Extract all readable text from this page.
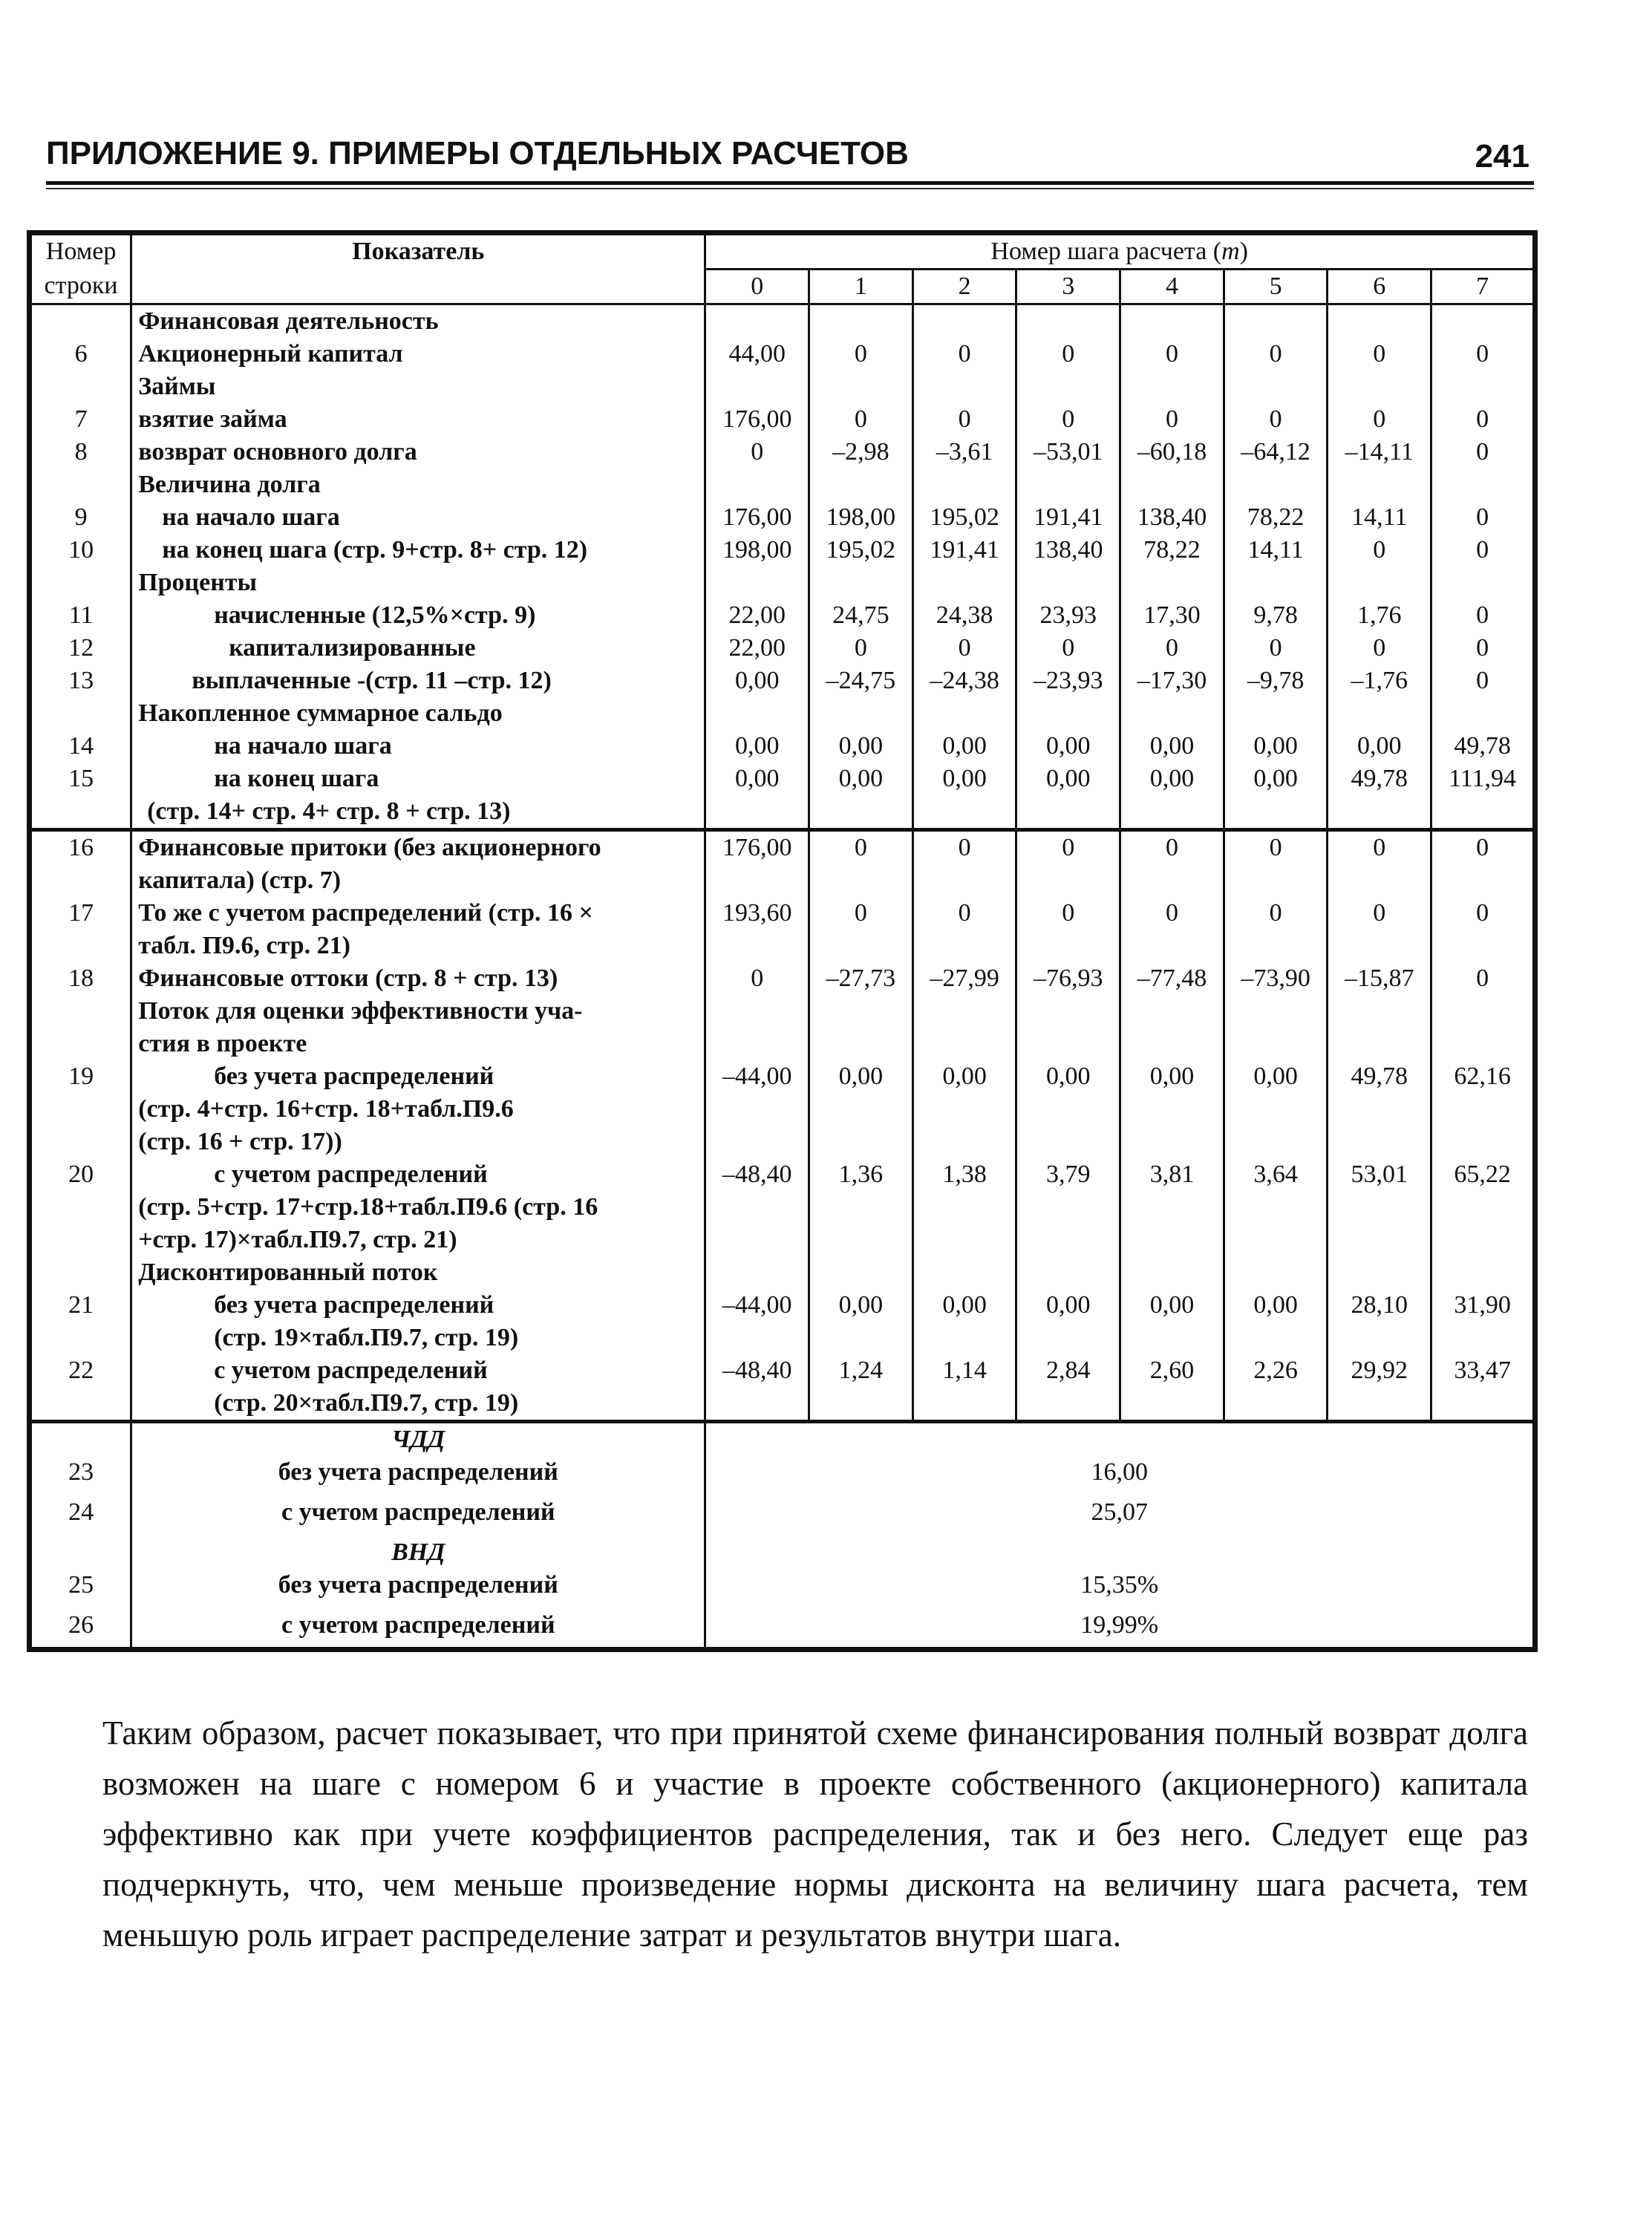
ПРИЛОЖЕНИЕ 9. ПРИМЕРЫ ОТДЕЛЬНЫХ РАСЧЕТОВ	241
Номер	Показатель	Номер шага расчета (m)							
строки		0	1	2	3	4	5	6	7
	Финансовая деятельность								
6	Акционерный капитал	44,00	0	0	0	0	0	0	0
	Займы								
7	взятие займа	176,00	0	0	0	0	0	0	0
8	возврат основного долга	0	–2,98	–3,61	–53,01	–60,18	–64,12	–14,11	0
	Величина долга								
9	на начало шага	176,00	198,00	195,02	191,41	138,40	78,22	14,11	0
10	на конец шага (стр. 9+стр. 8+ стр. 12)	198,00	195,02	191,41	138,40	78,22	14,11	0	0
	Проценты								
11	начисленные (12,5%×стр. 9)	22,00	24,75	24,38	23,93	17,30	9,78	1,76	0
12	капитализированные	22,00	0	0	0	0	0	0	0
13	выплаченные -(стр. 11 –стр. 12)	0,00	–24,75	–24,38	–23,93	–17,30	–9,78	–1,76	0
	Накопленное суммарное сальдо								
14	на начало шага	0,00	0,00	0,00	0,00	0,00	0,00	0,00	49,78
15	на конец шага	0,00	0,00	0,00	0,00	0,00	0,00	49,78	111,94
	(стр. 14+ стр. 4+ стр. 8 + стр. 13)								
16	Финансовые притоки (без акционерного	176,00	0	0	0	0	0	0	0
	капитала) (стр. 7)								
17	То же с учетом распределений (стр. 16 ×	193,60	0	0	0	0	0	0	0
	табл. П9.6, стр. 21)								
18	Финансовые оттоки (стр. 8 + стр. 13)	0	–27,73	–27,99	–76,93	–77,48	–73,90	–15,87	0
	Поток для оценки эффективности уча-								
	стия в проекте								
19	без учета распределений	–44,00	0,00	0,00	0,00	0,00	0,00	49,78	62,16
	(стр. 4+стр. 16+стр. 18+табл.П9.6								
	(стр. 16 + стр. 17))								
20	с учетом распределений	–48,40	1,36	1,38	3,79	3,81	3,64	53,01	65,22
	(стр. 5+стр. 17+стр.18+табл.П9.6 (стр. 16								
	+стр. 17)×табл.П9.7, стр. 21)								
	Дисконтированный поток								
21	без учета распределений	–44,00	0,00	0,00	0,00	0,00	0,00	28,10	31,90
	(стр. 19×табл.П9.7, стр. 19)								
22	с учетом распределений	–48,40	1,24	1,14	2,84	2,60	2,26	29,92	33,47
	(стр. 20×табл.П9.7, стр. 19)								
	ЧДД								
23	без учета распределений	16,00							
24	с учетом распределений	25,07							
	ВНД								
25	без учета распределений	15,35%							
26	с учетом распределений	19,99%							

Таким образом, расчет показывает, что при принятой схеме финансирования полный возврат долга возможен на шаге с номером 6 и участие в проекте собственного (акционерного) капитала эффективно как при учете коэффициентов распределения, так и без него. Следует еще раз подчеркнуть, что, чем меньше произведение нормы дисконта на величину шага расчета, тем меньшую роль играет распределение затрат и результатов внутри шага.
